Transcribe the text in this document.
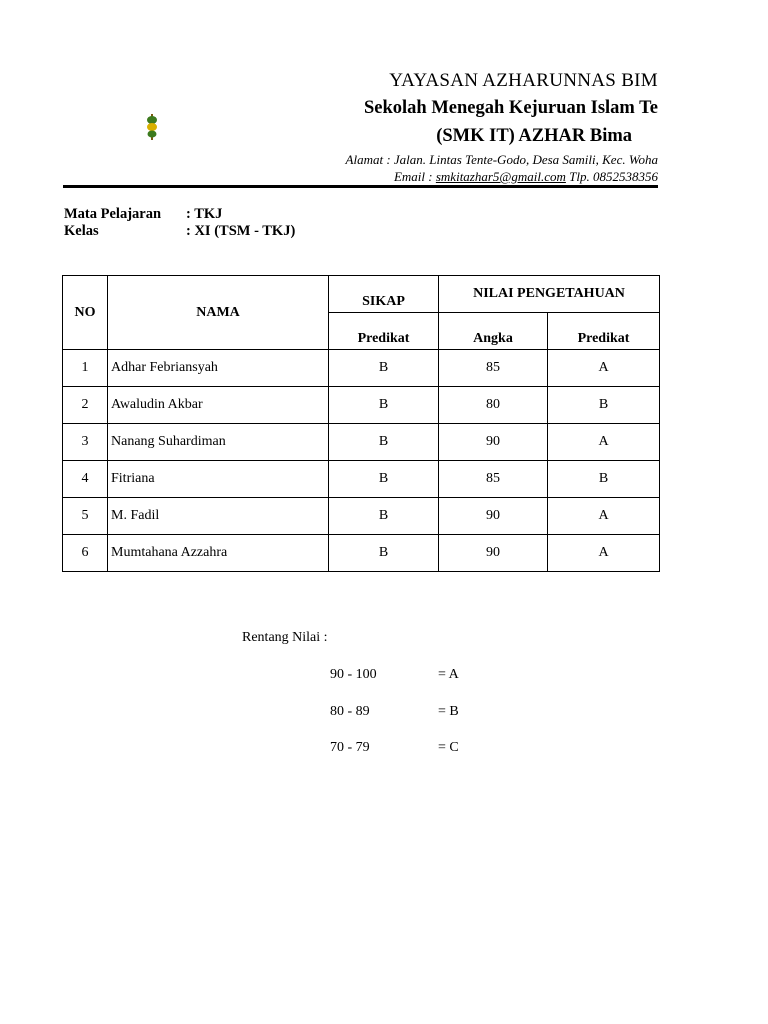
YAYASAN AZHARUNNAS BIM
Sekolah Menegah Kejuruan Islam Te
(SMK IT) AZHAR Bima
Alamat : Jalan. Lintas Tente-Godo, Desa Samili, Kec. Woha
Email : smkitazhar5@gmail.com Tlp. 0852538356
Mata Pelajaran : TKJ
Kelas	: XI (TSM - TKJ)
NO	NAMA	SIKAP	NILAI PENGETAHUAN	
		Predikat	Angka	Predikat
1	Adhar Febriansyah	B	85	A
2	Awaludin Akbar	B	80	B
3	Nanang Suhardiman	B	90	A
4	Fitriana	B	85	B
5	M. Fadil	B	90	A
6	Mumtahana Azzahra	B	90	A
Rentang Nilai :
90 - 100	= A
80 - 89	= B
70 - 79	= C
